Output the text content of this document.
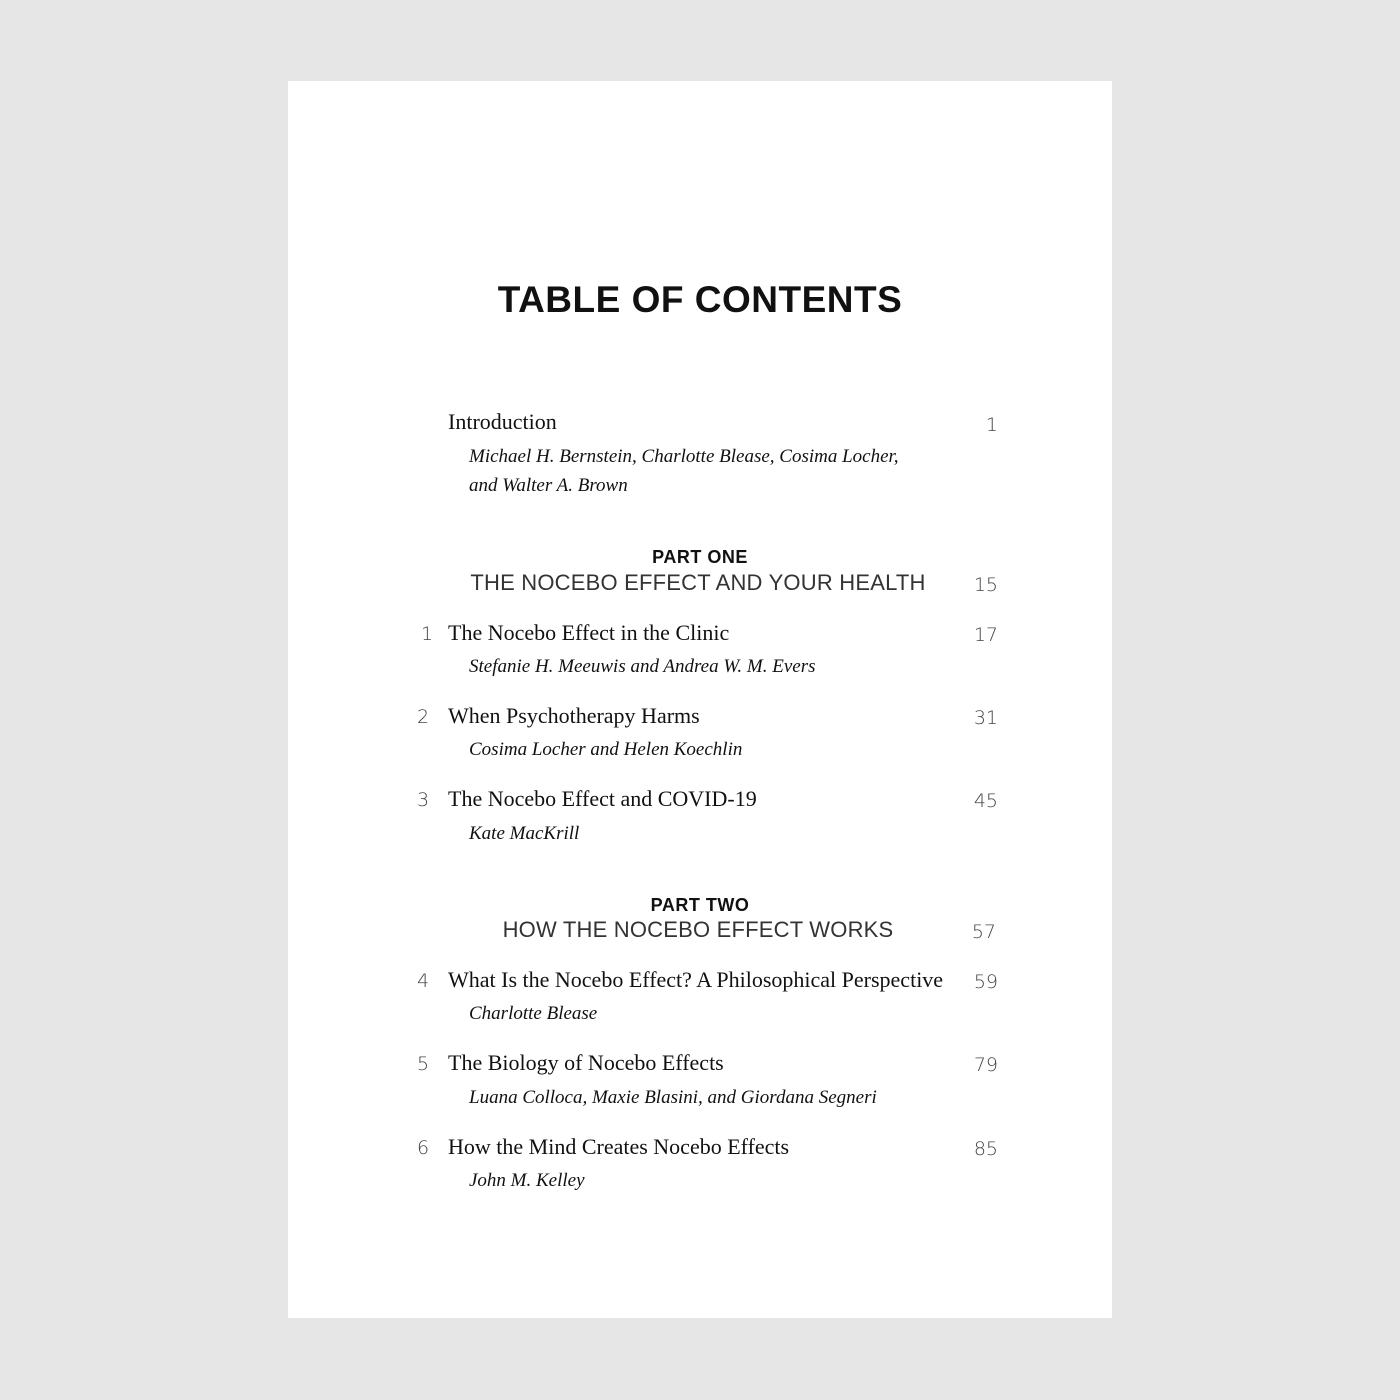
TABLE OF CONTENTS
Introduction	1
Michael H. Bernstein, Charlotte Blease, Cosima Locher,
and Walter A. Brown
PART ONE
THE NOCEBO EFFECT AND YOUR HEALTH	15
1 The Nocebo Effect in the Clinic	17
Stefanie H. Meeuwis and Andrea W. M. Evers
2 When Psychotherapy Harms	31
Cosima Locher and Helen Koechlin
3 The Nocebo Effect and COVID-19	45
Kate MacKrill
PART TWO
HOW THE NOCEBO EFFECT WORKS	57
4 What Is the Nocebo Effect? A Philosophical Perspective 59
Charlotte Blease
5 The Biology of Nocebo Effects	79
Luana Colloca, Maxie Blasini, and Giordana Segneri
6 How the Mind Creates Nocebo Effects	85
John M. Kelley
